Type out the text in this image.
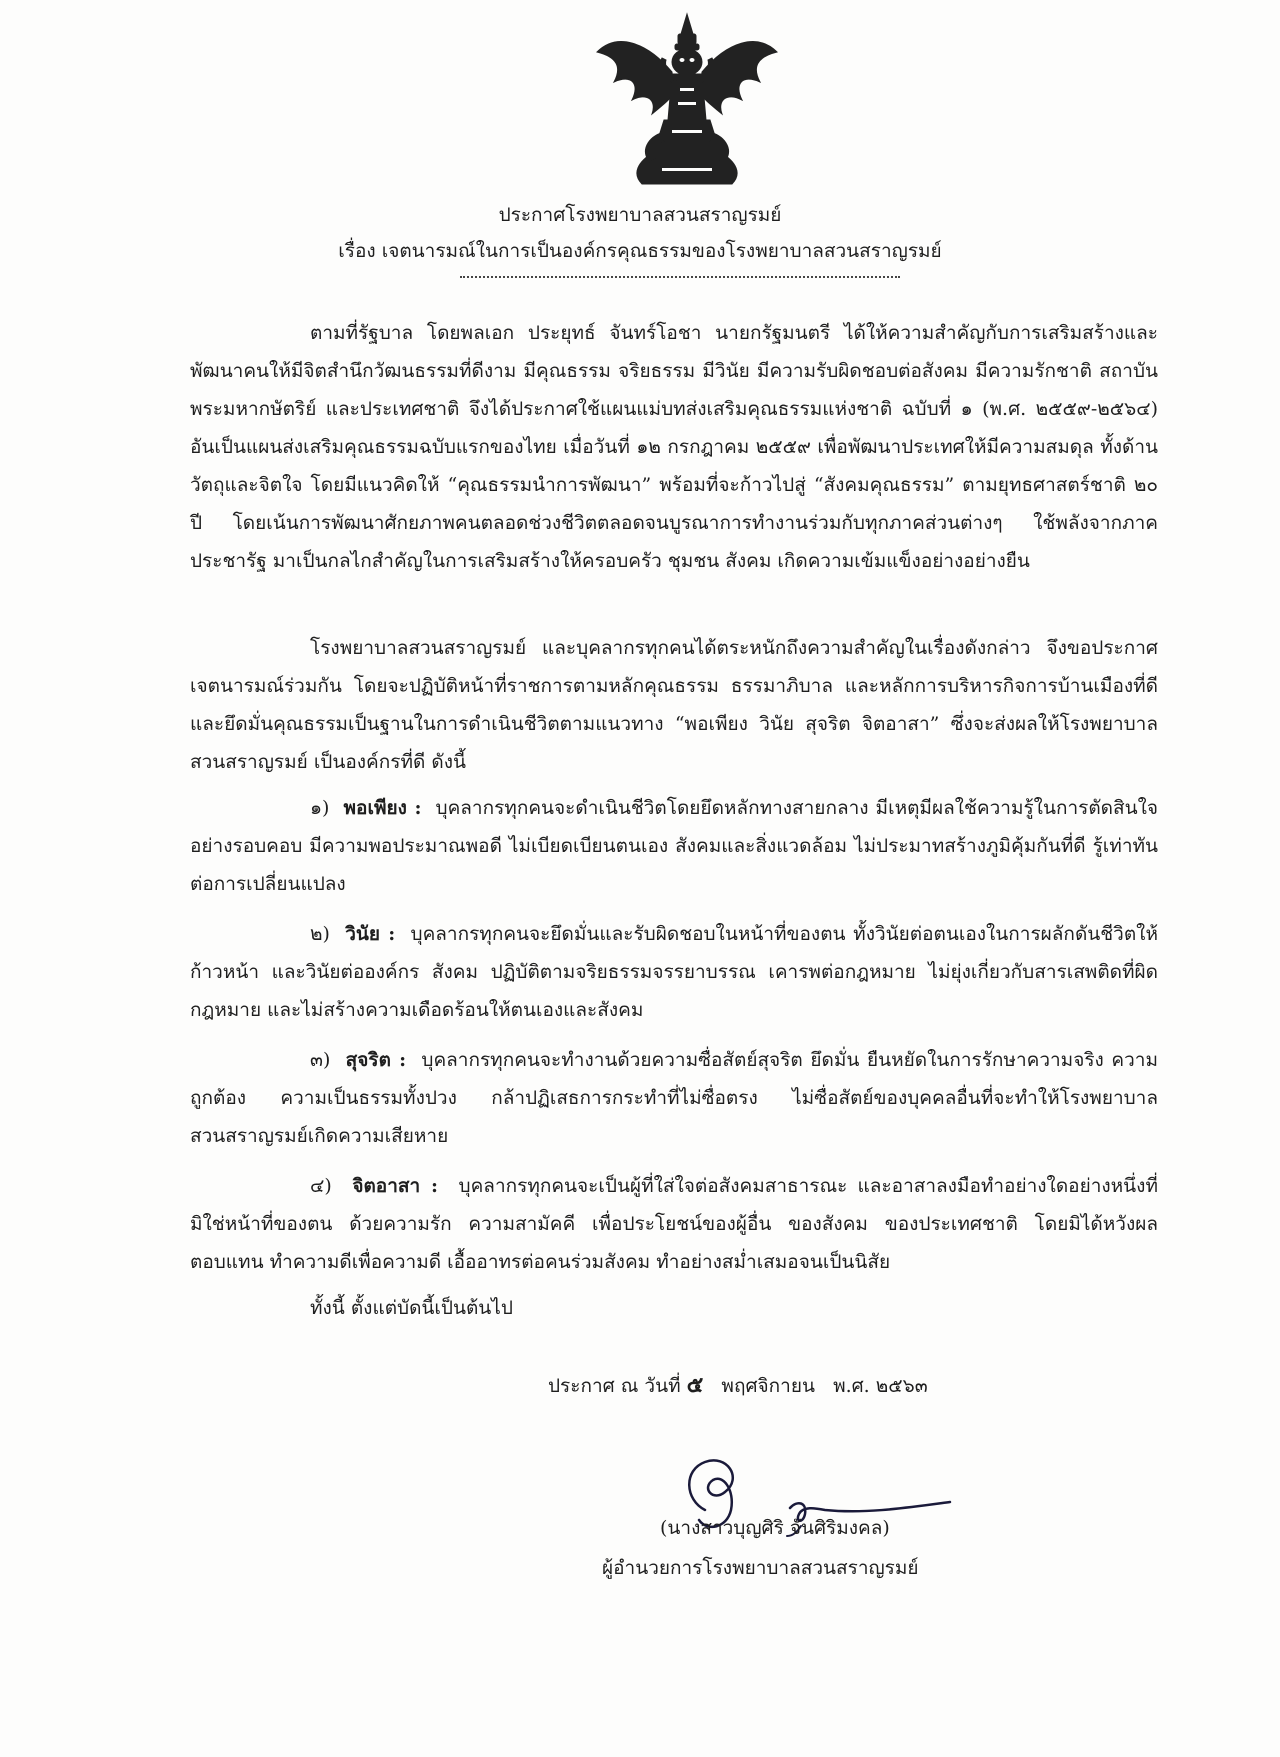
ประกาศโรงพยาบาลสวนสราญรมย์
เรื่อง เจตนารมณ์ในการเป็นองค์กรคุณธรรมของโรงพยาบาลสวนสราญรมย์
ตามที่รัฐบาล โดยพลเอก ประยุทธ์ จันทร์โอชา นายกรัฐมนตรี ได้ให้ความสำคัญกับการเสริมสร้างและพัฒนาคนให้มีจิตสำนึกวัฒนธรรมที่ดีงาม มีคุณธรรม จริยธรรม มีวินัย มีความรับผิดชอบต่อสังคม มีความรักชาติ สถาบันพระมหากษัตริย์ และประเทศชาติ จึงได้ประกาศใช้แผนแม่บทส่งเสริมคุณธรรมแห่งชาติ ฉบับที่ ๑ (พ.ศ. ๒๕๕๙-๒๕๖๔) อันเป็นแผนส่งเสริมคุณธรรมฉบับแรกของไทย เมื่อวันที่ ๑๒ กรกฎาคม ๒๕๕๙ เพื่อพัฒนาประเทศให้มีความสมดุล ทั้งด้านวัตถุและจิตใจ โดยมีแนวคิดให้ “คุณธรรมนำการพัฒนา” พร้อมที่จะก้าวไปสู่ “สังคมคุณธรรม” ตามยุทธศาสตร์ชาติ ๒๐ ปี โดยเน้นการพัฒนาศักยภาพคนตลอดช่วงชีวิตตลอดจนบูรณาการทำงานร่วมกับทุกภาคส่วนต่างๆ ใช้พลังจากภาคประชารัฐ มาเป็นกลไกสำคัญในการเสริมสร้างให้ครอบครัว ชุมชน สังคม เกิดความเข้มแข็งอย่างอย่างยืน
โรงพยาบาลสวนสราญรมย์ และบุคลากรทุกคนได้ตระหนักถึงความสำคัญในเรื่องดังกล่าว จึงขอประกาศเจตนารมณ์ร่วมกัน โดยจะปฏิบัติหน้าที่ราชการตามหลักคุณธรรม ธรรมาภิบาล และหลักการบริหารกิจการบ้านเมืองที่ดี และยึดมั่นคุณธรรมเป็นฐานในการดำเนินชีวิตตามแนวทาง “พอเพียง วินัย สุจริต จิตอาสา” ซึ่งจะส่งผลให้โรงพยาบาลสวนสราญรมย์ เป็นองค์กรที่ดี ดังนี้
๑) พอเพียง : บุคลากรทุกคนจะดำเนินชีวิตโดยยึดหลักทางสายกลาง มีเหตุมีผลใช้ความรู้ในการตัดสินใจอย่างรอบคอบ มีความพอประมาณพอดี ไม่เบียดเบียนตนเอง สังคมและสิ่งแวดล้อม ไม่ประมาทสร้างภูมิคุ้มกันที่ดี รู้เท่าทันต่อการเปลี่ยนแปลง
๒) วินัย : บุคลากรทุกคนจะยึดมั่นและรับผิดชอบในหน้าที่ของตน ทั้งวินัยต่อตนเองในการผลักดันชีวิตให้ก้าวหน้า และวินัยต่อองค์กร สังคม ปฏิบัติตามจริยธรรมจรรยาบรรณ เคารพต่อกฎหมาย ไม่ยุ่งเกี่ยวกับสารเสพติดที่ผิดกฎหมาย และไม่สร้างความเดือดร้อนให้ตนเองและสังคม
๓) สุจริต : บุคลากรทุกคนจะทำงานด้วยความซื่อสัตย์สุจริต ยึดมั่น ยืนหยัดในการรักษาความจริง ความถูกต้อง ความเป็นธรรมทั้งปวง กล้าปฏิเสธการกระทำที่ไม่ซื่อตรง ไม่ซื่อสัตย์ของบุคคลอื่นที่จะทำให้โรงพยาบาลสวนสราญรมย์เกิดความเสียหาย
๔) จิตอาสา : บุคลากรทุกคนจะเป็นผู้ที่ใส่ใจต่อสังคมสาธารณะ และอาสาลงมือทำอย่างใดอย่างหนึ่งที่มิใช่หน้าที่ของตน ด้วยความรัก ความสามัคคี เพื่อประโยชน์ของผู้อื่น ของสังคม ของประเทศชาติ โดยมิได้หวังผลตอบแทน ทำความดีเพื่อความดี เอื้ออาทรต่อคนร่วมสังคม ทำอย่างสม่ำเสมอจนเป็นนิสัย
ทั้งนี้ ตั้งแต่บัดนี้เป็นต้นไป
ประกาศ ณ วันที่ ๕ พฤศจิกายน พ.ศ. ๒๕๖๓
(นางสาวบุญศิริ จันศิริมงคล)
ผู้อำนวยการโรงพยาบาลสวนสราญรมย์
